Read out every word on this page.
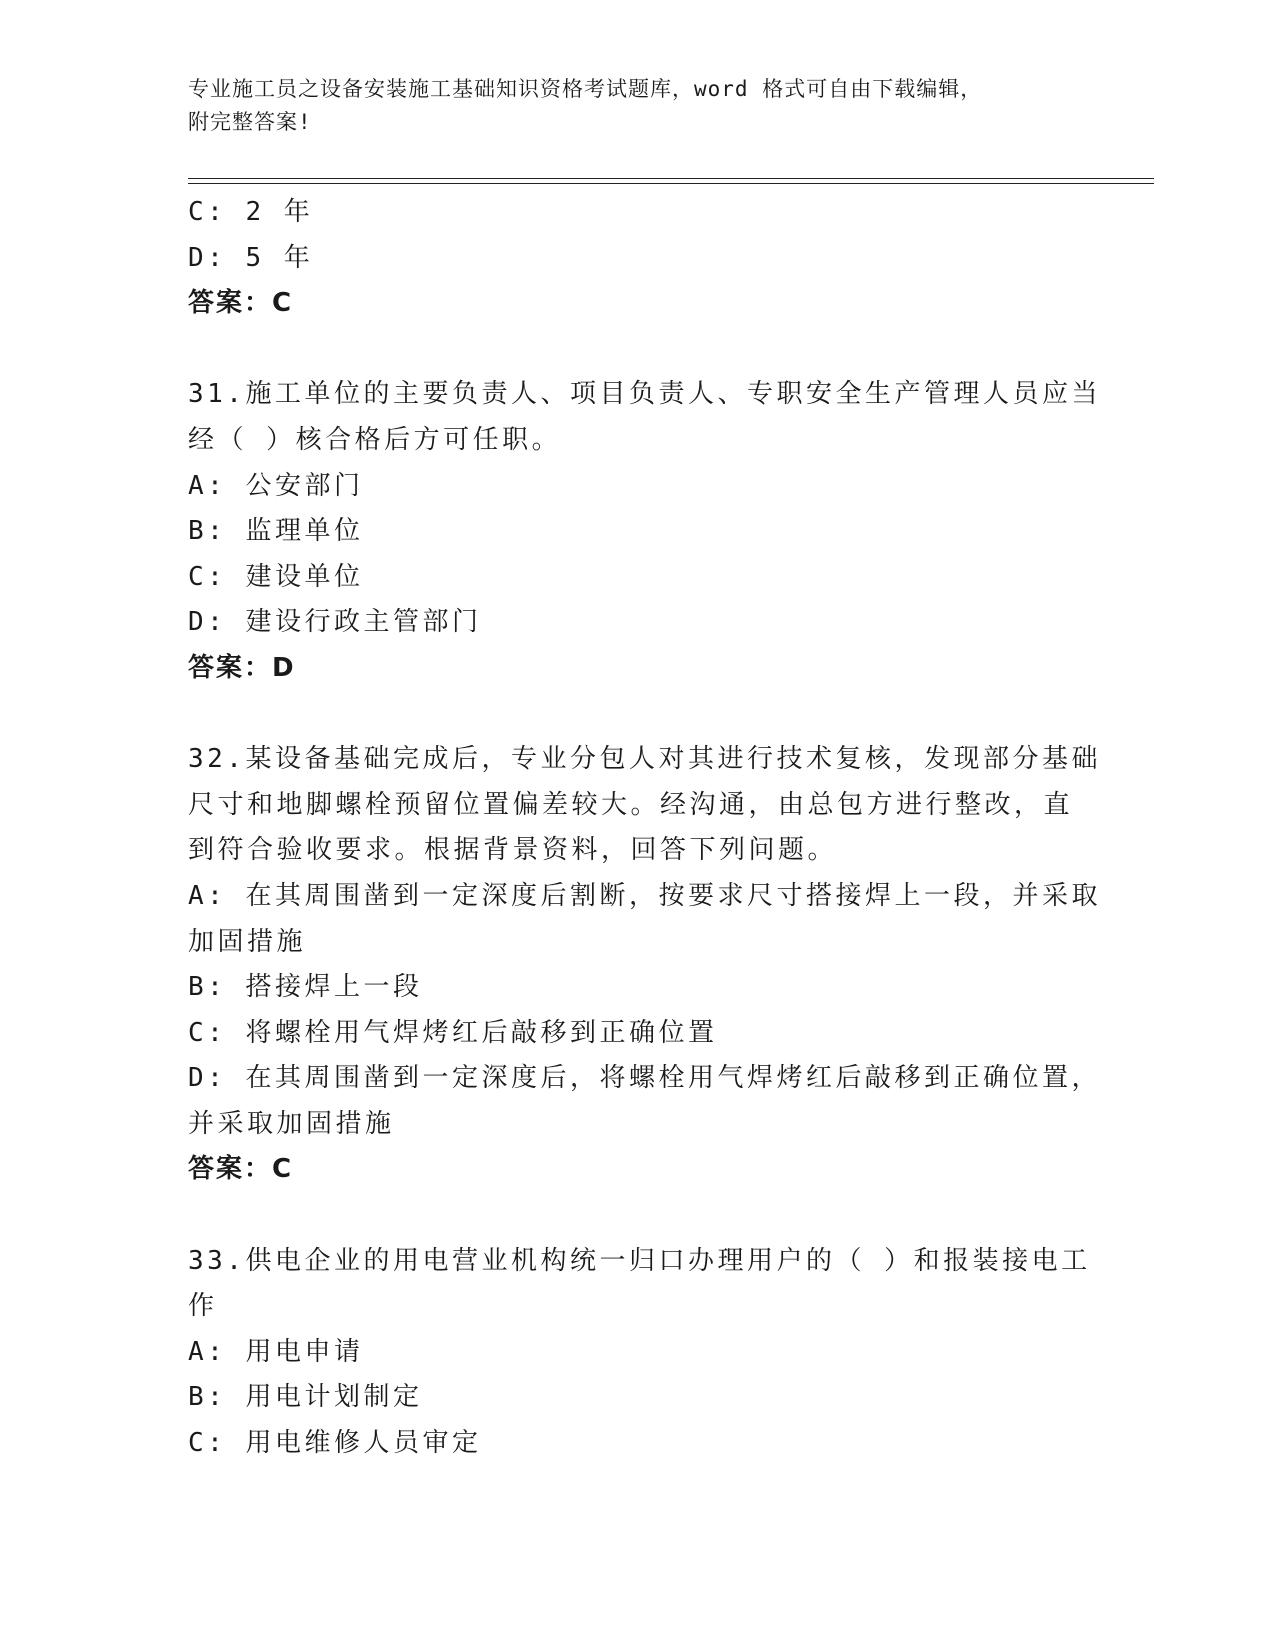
专业施工员之设备安装施工基础知识资格考试题库，word 格式可自由下载编辑，
附完整答案!
C: 2 年
D: 5 年
答案：C
31.施工单位的主要负责人、项目负责人、专职安全生产管理人员应当
经（ ）核合格后方可任职。
A: 公安部门
B: 监理单位
C: 建设单位
D: 建设行政主管部门
答案：D
32.某设备基础完成后，专业分包人对其进行技术复核，发现部分基础
尺寸和地脚螺栓预留位置偏差较大。经沟通，由总包方进行整改，直
到符合验收要求。根据背景资料，回答下列问题。
A: 在其周围凿到一定深度后割断，按要求尺寸搭接焊上一段，并采取
加固措施
B: 搭接焊上一段
C: 将螺栓用气焊烤红后敲移到正确位置
D: 在其周围凿到一定深度后，将螺栓用气焊烤红后敲移到正确位置，
并采取加固措施
答案：C
33.供电企业的用电营业机构统一归口办理用户的（ ）和报装接电工
作
A: 用电申请
B: 用电计划制定
C: 用电维修人员审定
